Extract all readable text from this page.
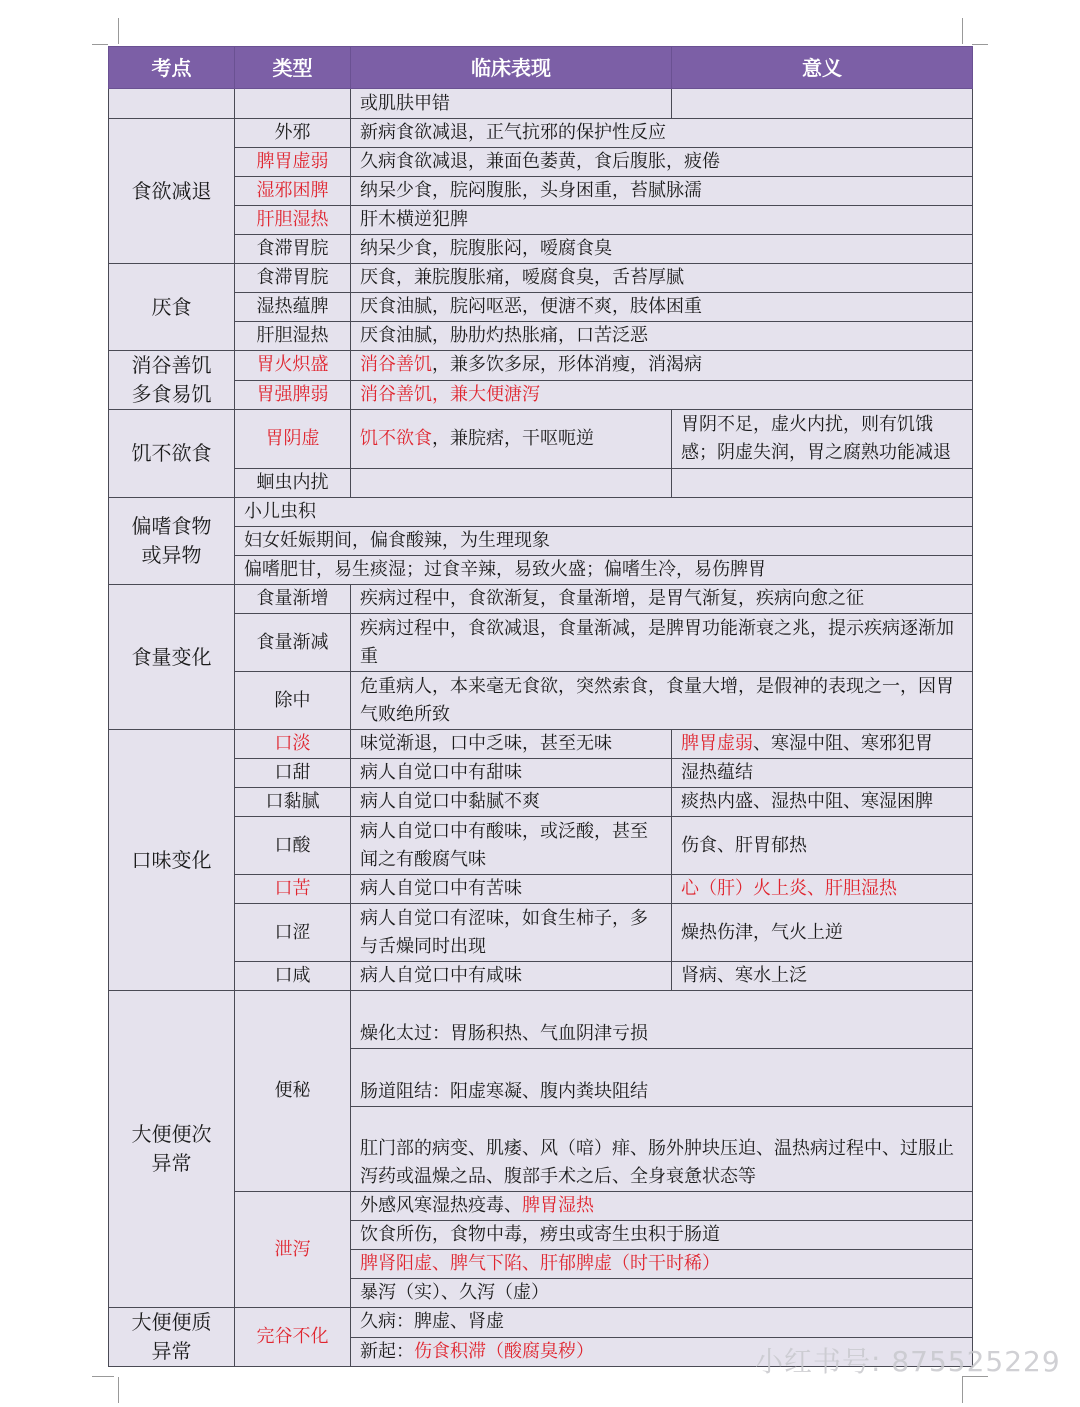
考点	类型	临床表现	意义
		或肌肤甲错	
食欲减退	外邪	新病食欲减退，正气抗邪的保护性反应	
	脾胃虚弱	久病食欲减退，兼面色萎黄，食后腹胀，疲倦	
	湿邪困脾	纳呆少食，脘闷腹胀，头身困重，苔腻脉濡	
	肝胆湿热	肝木横逆犯脾	
	食滞胃脘	纳呆少食，脘腹胀闷，嗳腐食臭	
厌食	食滞胃脘	厌食，兼脘腹胀痛，嗳腐食臭，舌苔厚腻	
	湿热蕴脾	厌食油腻，脘闷呕恶，便溏不爽，肢体困重	
	肝胆湿热	厌食油腻，胁肋灼热胀痛，口苦泛恶	
消谷善饥 多食易饥	胃火炽盛	消谷善饥，兼多饮多尿，形体消瘦，消渴病	
	胃强脾弱	消谷善饥，兼大便溏泻	
饥不欲食	胃阴虚	饥不欲食，兼脘痞，干呕呃逆	胃阴不足，虚火内扰，则有饥饿感；阴虚失润，胃之腐熟功能减退
	蛔虫内扰		
偏嗜食物 或异物	小儿虫积		
	妇女妊娠期间，偏食酸辣，为生理现象		
	偏嗜肥甘，易生痰湿；过食辛辣，易致火盛；偏嗜生冷，易伤脾胃		
食量变化	食量渐增	疾病过程中，食欲渐复，食量渐增，是胃气渐复，疾病向愈之征	
	食量渐减	疾病过程中，食欲减退，食量渐减，是脾胃功能渐衰之兆，提示疾病逐渐加重	
	除中	危重病人，本来毫无食欲，突然索食，食量大增，是假神的表现之一，因胃气败绝所致	
口味变化	口淡	味觉渐退，口中乏味，甚至无味	脾胃虚弱、寒湿中阻、寒邪犯胃
	口甜	病人自觉口中有甜味	湿热蕴结
	口黏腻	病人自觉口中黏腻不爽	痰热内盛、湿热中阻、寒湿困脾
	口酸	病人自觉口中有酸味，或泛酸，甚至闻之有酸腐气味	伤食、肝胃郁热
	口苦	病人自觉口中有苦味	心（肝）火上炎、肝胆湿热
	口涩	病人自觉口有涩味，如食生柿子，多与舌燥同时出现	燥热伤津，气火上逆
	口咸	病人自觉口中有咸味	肾病、寒水上泛
大便便次 异常	便秘	燥化太过：胃肠积热、气血阴津亏损	
		肠道阻结：阳虚寒凝、腹内粪块阻结	
		肛门部的病变、肌痿、风（喑）痱、肠外肿块压迫、温热病过程中、过服止泻药或温燥之品、腹部手术之后、全身衰惫状态等	
	泄泻	外感风寒湿热疫毒、脾胃湿热	
		饮食所伤，食物中毒，痨虫或寄生虫积于肠道	
		脾肾阳虚、脾气下陷、肝郁脾虚（时干时稀）	
		暴泻（实）、久泻（虚）	
大便便质 异常	完谷不化	久病：脾虚、肾虚	
		新起：伤食积滞（酸腐臭秽）		小红书号: 875525229
